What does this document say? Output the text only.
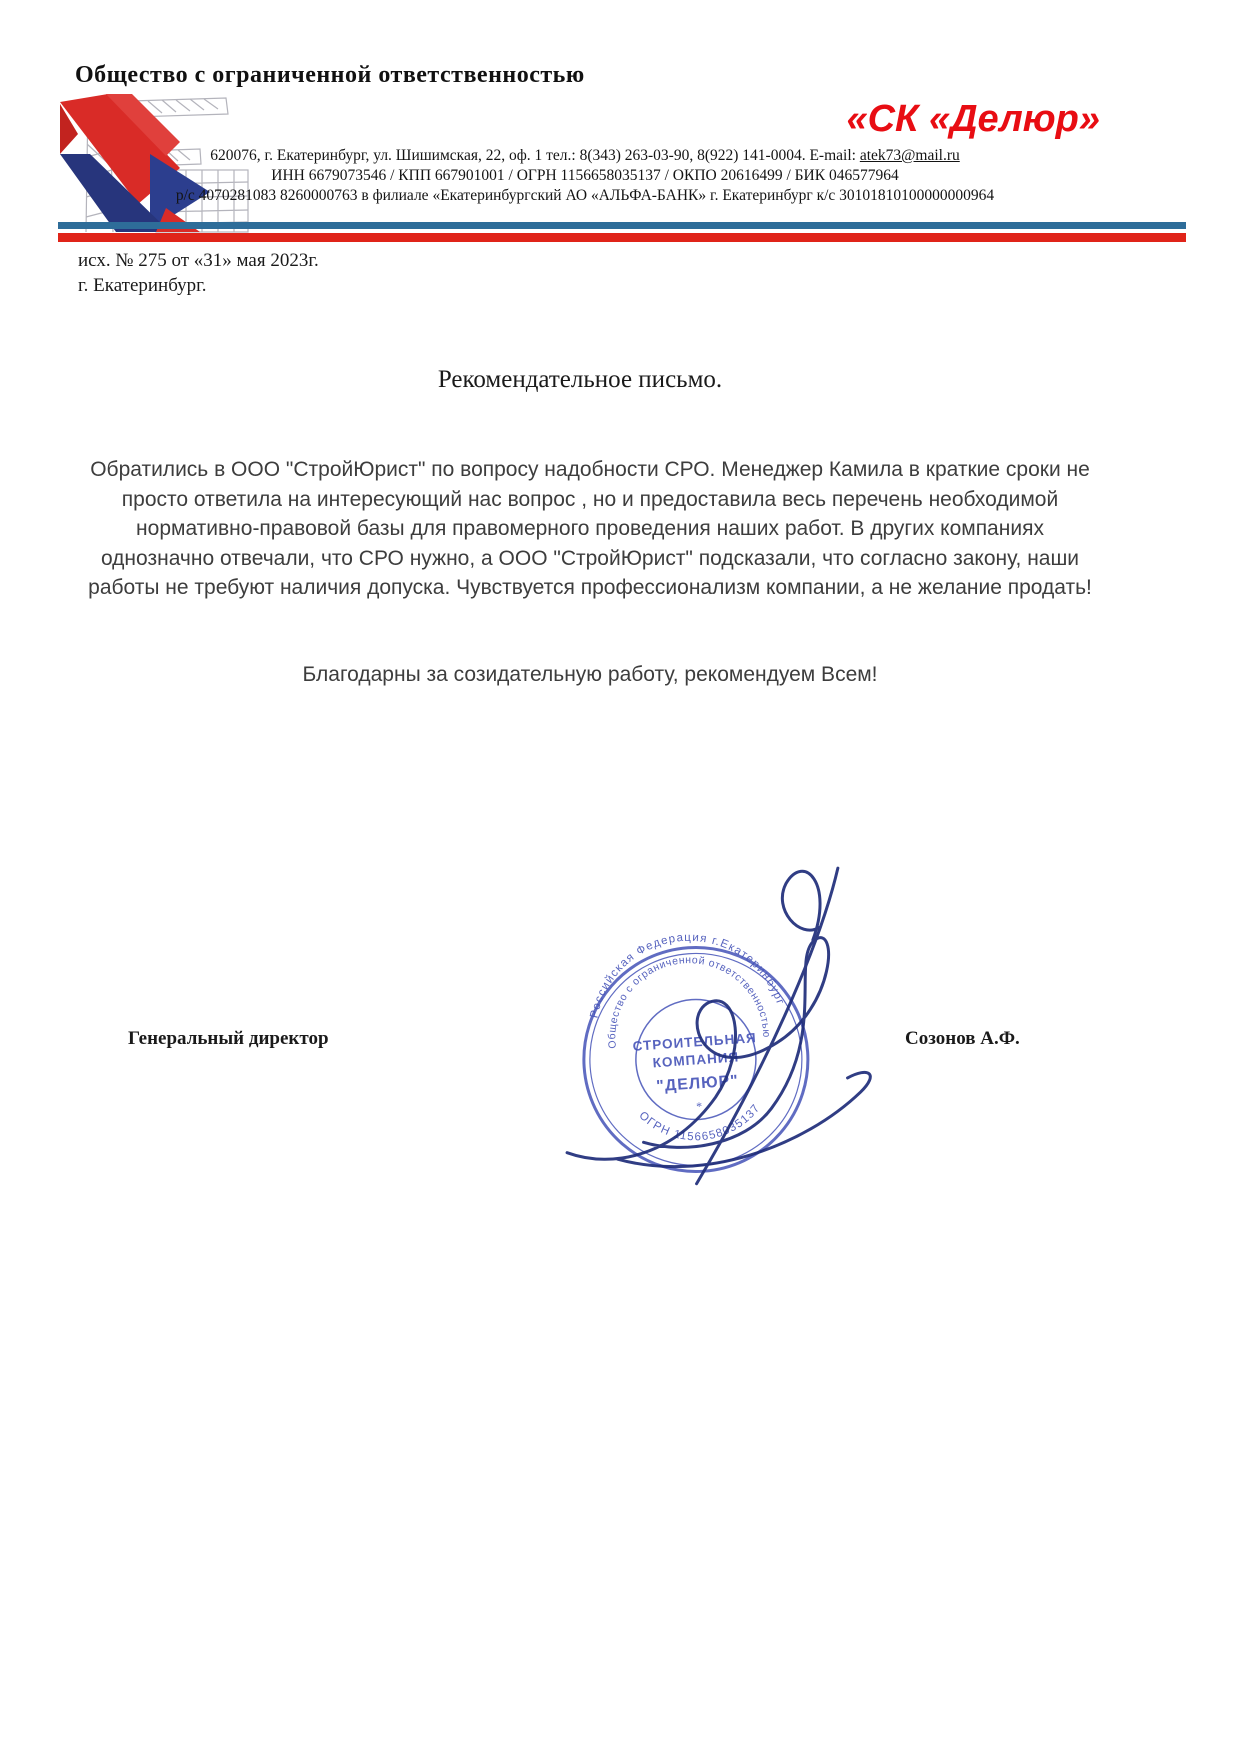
Общество с ограниченной ответственностью
«СК «Делюр»
620076, г. Екатеринбург, ул. Шишимская, 22, оф. 1 тел.: 8(343) 263-03-90, 8(922) 141-0004. E-mail: atek73@mail.ru
ИНН 6679073546 / КПП 667901001 / ОГРН 1156658035137 / ОКПО 20616499 / БИК 046577964
р/с 4070281083 8260000763 в филиале «Екатеринбургский АО «АЛЬФА-БАНК» г. Екатеринбург к/с 30101810100000000964
исх. № 275 от «31» мая 2023г.
г. Екатеринбург.
Рекомендательное письмо.
Обратились в ООО "СтройЮрист" по вопросу надобности СРО. Менеджер Камила в краткие сроки не просто ответила на интересующий нас вопрос , но и предоставила весь перечень необходимой нормативно-правовой базы для правомерного проведения наших работ. В других компаниях однозначно отвечали, что СРО нужно, а ООО "СтройЮрист" подсказали, что согласно закону, наши работы не требуют наличия допуска. Чувствуется профессионализм компании, а не желание продать!
Благодарны за созидательную работу, рекомендуем Всем!
Генеральный директор	Созонов А.Ф.
Российская Федерация г.Екатеринбург
Общество с ограниченной ответственностью
ОГРН 1156658035137
СТРОИТЕЛЬНАЯ
КОМПАНИЯ
"ДЕЛЮР"
*
